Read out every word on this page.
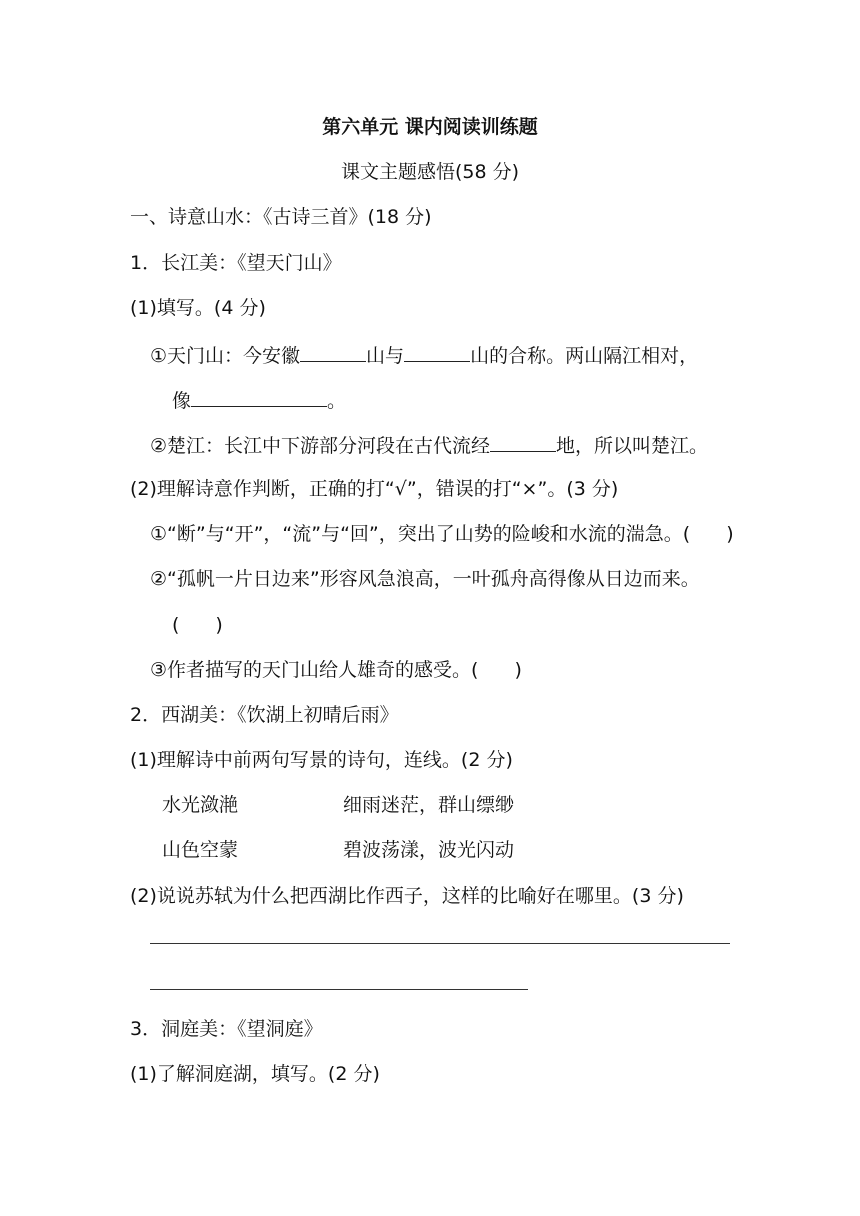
第六单元 课内阅读训练题
课文主题感悟(58 分)
一、诗意山水：《古诗三首》(18 分)
1．长江美：《望天门山》
(1)填写。(4 分)
①天门山：今安徽	山与	山的合称。两山隔江相对，
像	。
②楚江：长江中下游部分河段在古代流经	地，所以叫楚江。
(2)理解诗意作判断，正确的打“√”，错误的打“×”。(3 分)
①“断”与“开”，“流”与“回”，突出了山势的险峻和水流的湍急。( )
②“孤帆一片日边来”形容风急浪高，一叶孤舟高得像从日边而来。
( )
③作者描写的天门山给人雄奇的感受。( )
2．西湖美：《饮湖上初晴后雨》
(1)理解诗中前两句写景的诗句，连线。(2 分)
水光潋滟	细雨迷茫，群山缥缈
山色空蒙	碧波荡漾，波光闪动
(2)说说苏轼为什么把西湖比作西子，这样的比喻好在哪里。(3 分)
3．洞庭美：《望洞庭》
(1)了解洞庭湖，填写。(2 分)
